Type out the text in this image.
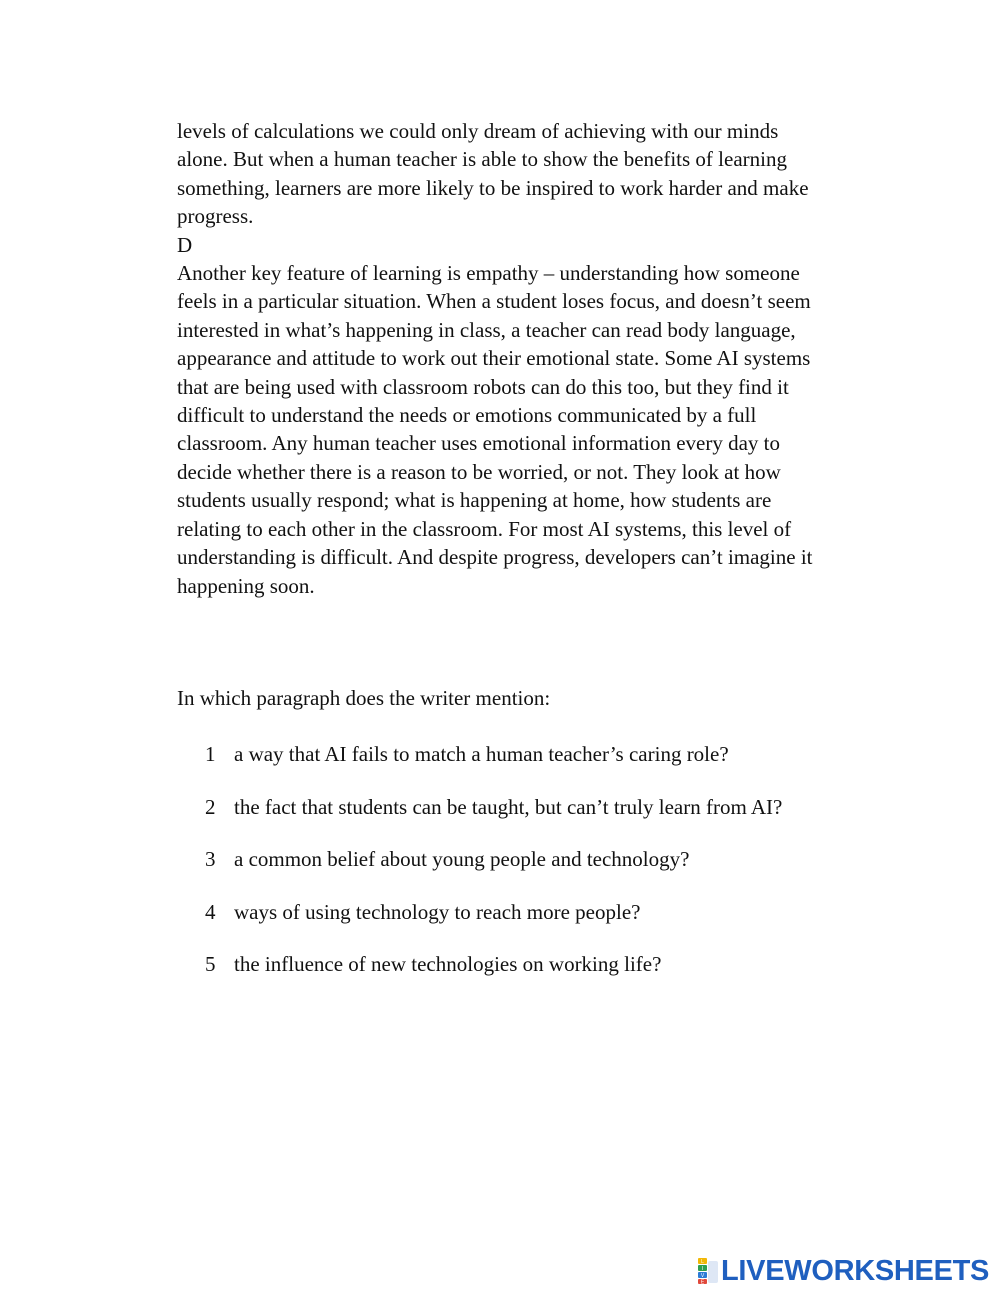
levels of calculations we could only dream of achieving with our minds
alone. But when a human teacher is able to show the benefits of learning
something, learners are more likely to be inspired to work harder and make
progress.
D
Another key feature of learning is empathy – understanding how someone
feels in a particular situation. When a student loses focus, and doesn’t seem
interested in what’s happening in class, a teacher can read body language,
appearance and attitude to work out their emotional state. Some AI systems
that are being used with classroom robots can do this too, but they find it
difficult to understand the needs or emotions communicated by a full
classroom. Any human teacher uses emotional information every day to
decide whether there is a reason to be worried, or not. They look at how
students usually respond; what is happening at home, how students are
relating to each other in the classroom. For most AI systems, this level of
understanding is difficult. And despite progress, developers can’t imagine it
happening soon.
In which paragraph does the writer mention:
1 a way that AI fails to match a human teacher’s caring role?
2 the fact that students can be taught, but can’t truly learn from AI?
3 a common belief about young people and technology?
4 ways of using technology to reach more people?
5 the influence of new technologies on working life?
L
I
V
E LIVEWORKSHEETS
